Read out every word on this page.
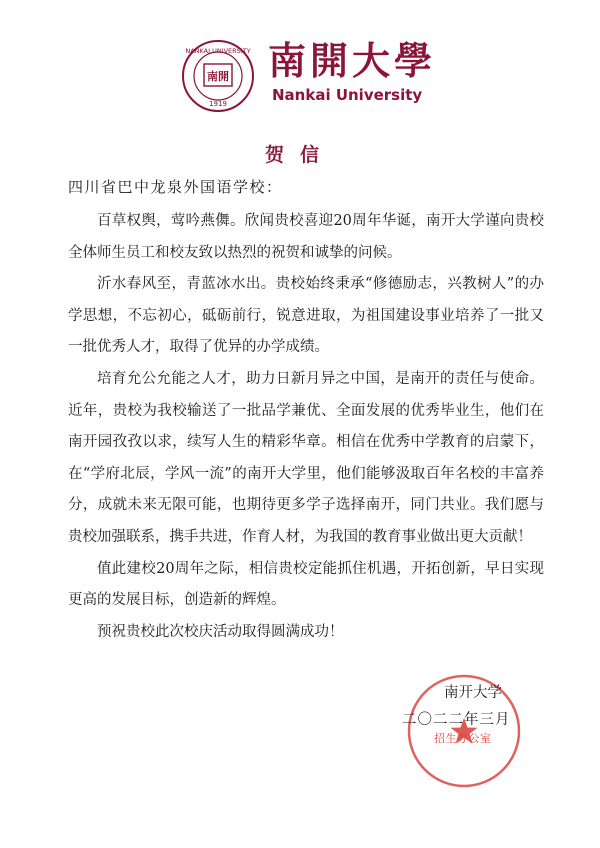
NANKAI UNIVERSITY
南開
1919
南開大學
Nankai University
贺信
四川省巴中龙泉外国语学校：

百草权舆，莺吟燕儛。欣闻贵校喜迎20周年华诞，南开大学谨向贵校全体师生员工和校友致以热烈的祝贺和诚挚的问候。

沂水春风至，青蓝冰水出。贵校始终秉承“修德励志，兴教树人”的办学思想，不忘初心，砥砺前行，锐意进取，为祖国建设事业培养了一批又一批优秀人才，取得了优异的办学成绩。

培育允公允能之人才，助力日新月异之中国，是南开的责任与使命。近年，贵校为我校输送了一批品学兼优、全面发展的优秀毕业生，他们在南开园孜孜以求，续写人生的精彩华章。相信在优秀中学教育的启蒙下，在“学府北辰，学风一流”的南开大学里，他们能够汲取百年名校的丰富养分，成就未来无限可能，也期待更多学子选择南开，同门共业。我们愿与贵校加强联系，携手共进，作育人材，为我国的教育事业做出更大贡献！

值此建校20周年之际，相信贵校定能抓住机遇，开拓创新，早日实现更高的发展目标，创造新的辉煌。

预祝贵校此次校庆活动取得圆满成功！

招生办公室
南开大学
二〇二二年三月
